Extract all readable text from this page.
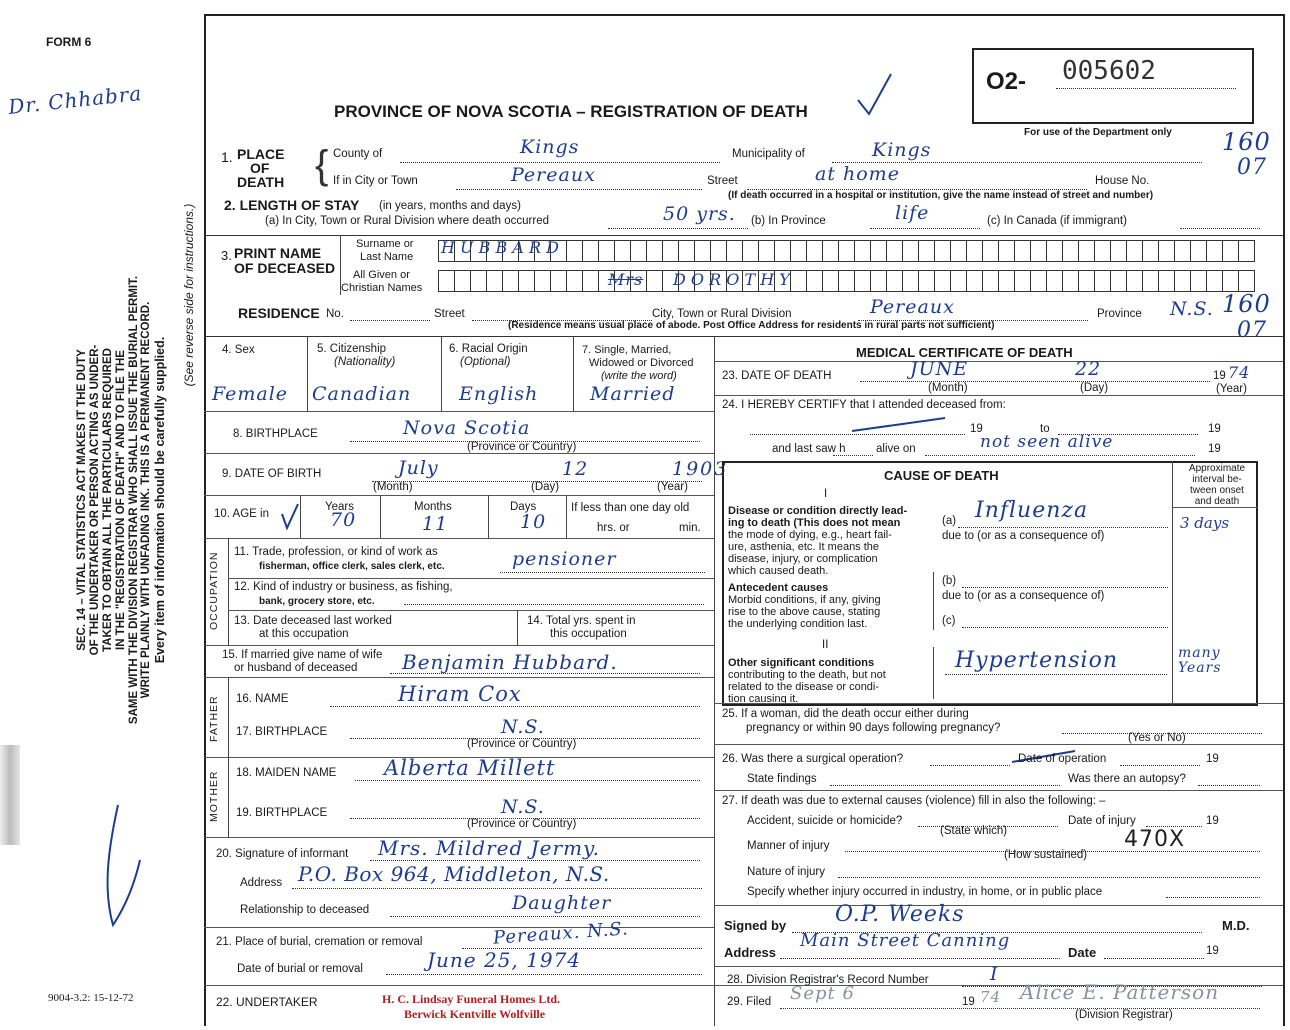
FORM 6
Dr. Chhabra
SEC. 14 – VITAL STATISTICS ACT MAKES IT THE DUTY OF THE UNDERTAKER OR PERSON ACTING AS UNDER- TAKER TO OBTAIN ALL THE PARTICULARS REQUIRED IN THE "REGISTRATION OF DEATH" AND TO FILE THE SAME WITH THE DIVISION REGISTRAR WHO SHALL ISSUE THE BURIAL PERMIT. WRITE PLAINLY WITH UNFADING INK. THIS IS A PERMANENT RECORD. Every item of information should be carefully supplied.
(See reverse side for instructions.)
O2- 005602
For use of the Department only
PROVINCE OF NOVA SCOTIA – REGISTRATION OF DEATH
160
07
160
07
1. PLACE
OF
DEATH { County of	Kings	Municipality of	Kings
If in City or Town	Pereaux	Street	at home	House No.
(If death occurred in a hospital or institution, give the name instead of street and number)
2. LENGTH OF STAY (in years, months and days)
(a) In City, Town or Rural Division where death occurred	50 yrs. (b) In Province	life	(c) In Canada (if immigrant)
3. PRINT NAME
OF DECEASED
Surname or
Last Name
All Given or
Christian Names
H U B B A R D
Mrs D O R O T H Y
RESIDENCE No.	Street	City, Town or Rural Division	Pereaux	Province N.S.
(Residence means usual place of abode. Post Office Address for residents in rural parts not sufficient)
4. Sex
Female
5. Citizenship
(Nationality)
Canadian
6. Racial Origin
(Optional)
English
7. Single, Married,
Widowed or Divorced
(write the word)
Married
8. BIRTHPLACE	Nova Scotia
(Province or Country)
9. DATE OF BIRTH	July	12	1903
(Month)	(Day)	(Year)
10. AGE in
Years
70
Months
11
Days
10
If less than one day old
hrs. or	min.
OCCUPATION 11. Trade, profession, or kind of work as
fisherman, office clerk, sales clerk, etc.	pensioner
12. Kind of industry or business, as fishing,
bank, grocery store, etc.
13. Date deceased last worked
at this occupation
14. Total yrs. spent in
this occupation
15. If married give name of wife
or husband of deceased Benjamin Hubbard.
FATHER 16. NAME	Hiram Cox
17. BIRTHPLACE	N.S.
(Province or Country)
MOTHER 18. MAIDEN NAME Alberta Millett
19. BIRTHPLACE	N.S.
(Province or Country)
20. Signature of informant Mrs. Mildred Jermy.
Address P.O. Box 964, Middleton, N.S.
Relationship to deceased	Daughter
21. Place of burial, cremation or removal	Pereaux. N.S.
Date of burial or removal	June 25, 1974
22. UNDERTAKER	H. C. Lindsay Funeral Homes Ltd.
Berwick Kentville Wolfville
9004-3.2: 15-12-72
MEDICAL CERTIFICATE OF DEATH
23. DATE OF DEATH	JUNE	22	19 74
(Month)	(Day)	(Year)
24. I HEREBY CERTIFY that I attended deceased from:
19	to	19
and last saw h	alive on	not seen alive	19
CAUSE OF DEATH	Approximate
interval be-
tween onset
and death
I
Disease or condition directly lead-
ing to death (This does not mean
the mode of dying, e.g., heart fail-
ure, asthenia, etc. It means the
disease, injury, or complication
which caused death.
(a) Influenza	3 days
due to (or as a consequence of)
Antecedent causes
Morbid conditions, if any, giving
rise to the above cause, stating
the underlying condition last.
(b)
due to (or as a consequence of)
(c)
II
Other significant conditions
contributing to the death, but not
related to the disease or condi-
tion causing it.
Hypertension	many Years
25. If a woman, did the death occur either during
pregnancy or within 90 days following pregnancy?
(Yes or No)
26. Was there a surgical operation?	Date of operation	19
State findings	Was there an autopsy?
27. If death was due to external causes (violence) fill in also the following: –
Accident, suicide or homicide?
(State which)
Date of injury	19
Manner of injury	470X
(How sustained)
Nature of injury
Specify whether injury occurred in industry, in home, or in public place
Signed by O.P. Weeks	M.D.
Address
Main Street Canning
Date	19
28. Division Registrar's Record Number	I
29. Filed Sept 6	19 74 Alice E. Patterson
(Division Registrar)
